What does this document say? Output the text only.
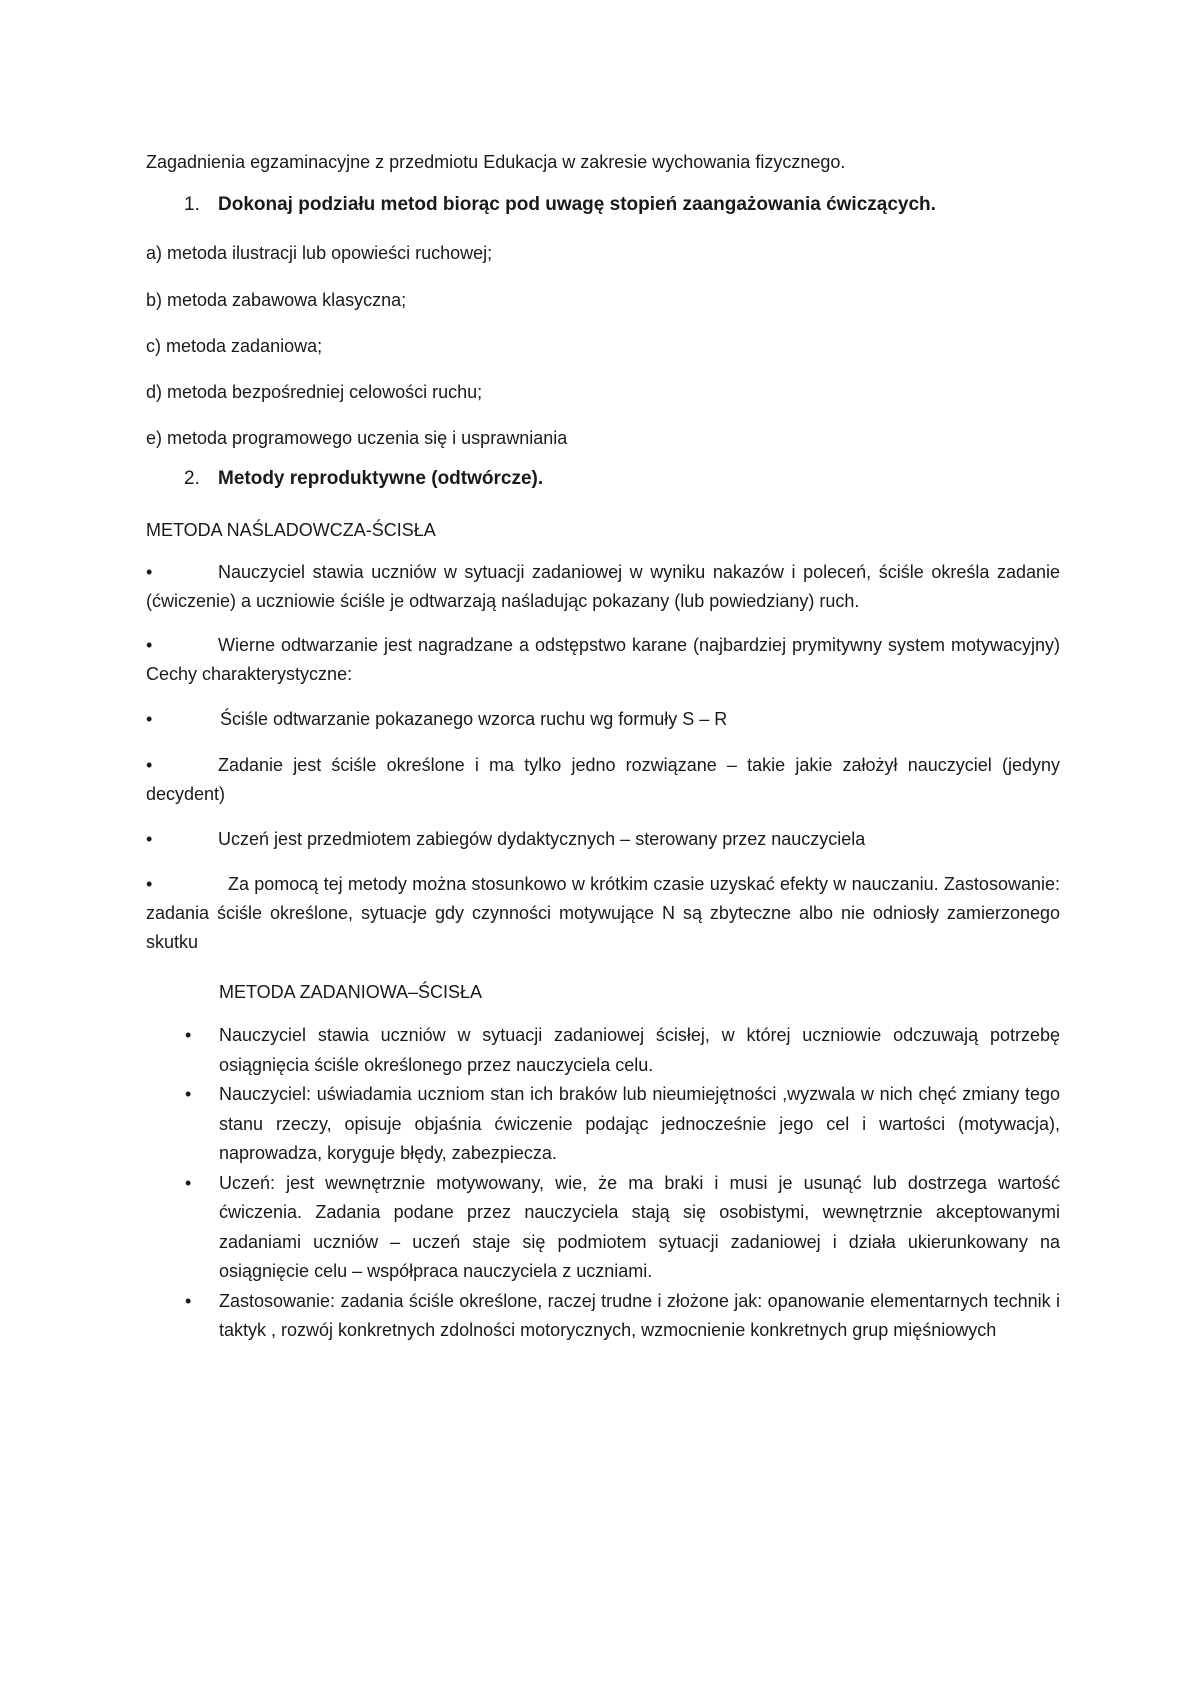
Zagadnienia egzaminacyjne z przedmiotu Edukacja w zakresie wychowania fizycznego.
1. Dokonaj podziału metod biorąc pod uwagę stopień zaangażowania ćwiczących.
a) metoda ilustracji lub opowieści ruchowej;
b) metoda zabawowa klasyczna;
c) metoda zadaniowa;
d) metoda bezpośredniej celowości ruchu;
e) metoda programowego uczenia się i usprawniania
2. Metody reproduktywne (odtwórcze).
METODA NAŚLADOWCZA-ŚCISŁA
•	Nauczyciel stawia uczniów w sytuacji zadaniowej w wyniku nakazów i poleceń, ściśle określa zadanie (ćwiczenie) a uczniowie ściśle je odtwarzają naśladując pokazany (lub powiedziany) ruch.
•	Wierne odtwarzanie jest nagradzane a odstępstwo karane (najbardziej prymitywny system motywacyjny) Cechy charakterystyczne:
•	Ściśle odtwarzanie pokazanego wzorca ruchu wg formuły S – R
•	Zadanie jest ściśle określone i ma tylko jedno rozwiązane – takie jakie założył nauczyciel (jedyny decydent)
•	Uczeń jest przedmiotem zabiegów dydaktycznych – sterowany przez nauczyciela
•	Za pomocą tej metody można stosunkowo w krótkim czasie uzyskać efekty w nauczaniu. Zastosowanie: zadania ściśle określone, sytuacje gdy czynności motywujące N są zbyteczne albo nie odniosły zamierzonego skutku
METODA ZADANIOWA–ŚCISŁA
• Nauczyciel stawia uczniów w sytuacji zadaniowej ścisłej, w której uczniowie odczuwają potrzebę osiągnięcia ściśle określonego przez nauczyciela celu.
• Nauczyciel: uświadamia uczniom stan ich braków lub nieumiejętności ,wyzwala w nich chęć zmiany tego stanu rzeczy, opisuje objaśnia ćwiczenie podając jednocześnie jego cel i wartości (motywacja), naprowadza, koryguje błędy, zabezpiecza.
• Uczeń: jest wewnętrznie motywowany, wie, że ma braki i musi je usunąć lub dostrzega wartość ćwiczenia. Zadania podane przez nauczyciela stają się osobistymi, wewnętrznie akceptowanymi zadaniami uczniów – uczeń staje się podmiotem sytuacji zadaniowej i działa ukierunkowany na osiągnięcie celu – współpraca nauczyciela z uczniami.
• Zastosowanie: zadania ściśle określone, raczej trudne i złożone jak: opanowanie elementarnych technik i taktyk , rozwój konkretnych zdolności motorycznych, wzmocnienie konkretnych grup mięśniowych
